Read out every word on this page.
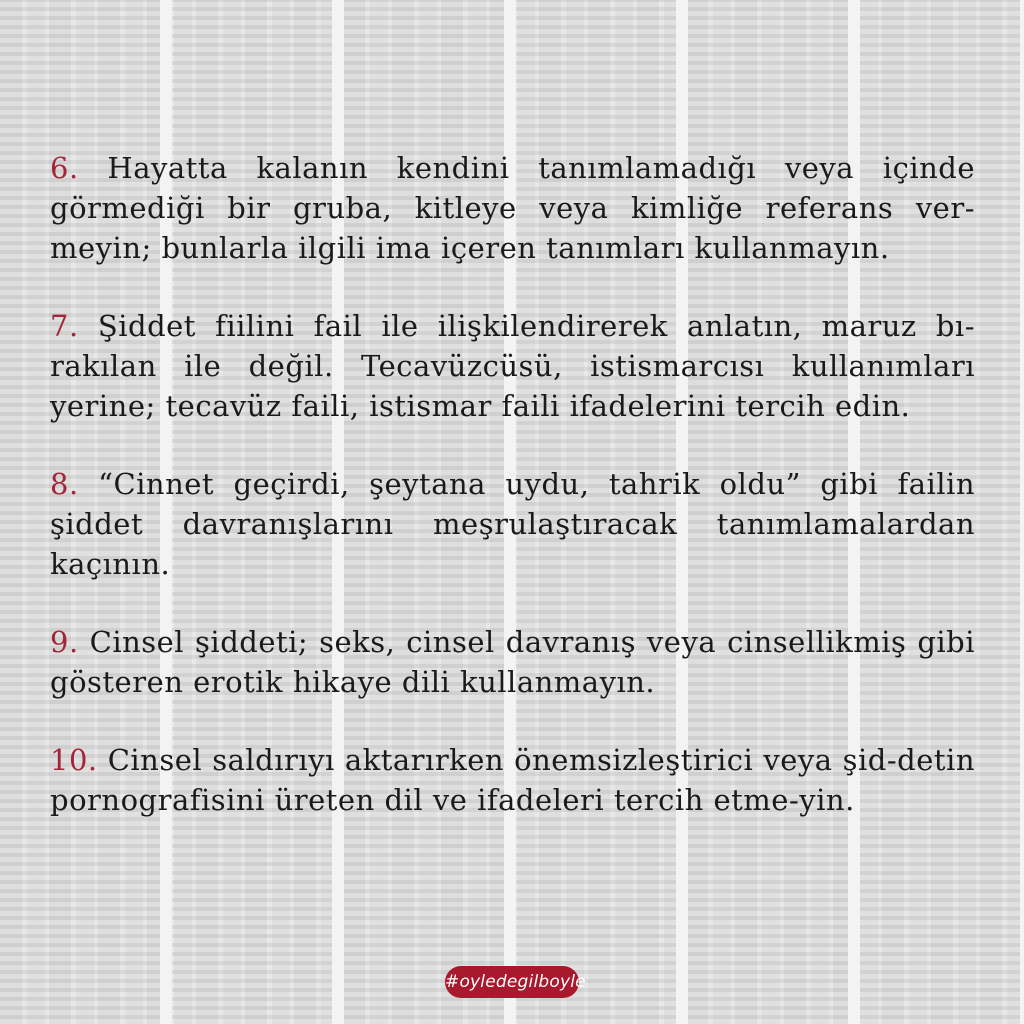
6. Hayatta kalanın kendini tanımlamadığı veya içinde görmediği bir gruba, kitleye veya kimliğe referans ver-meyin; bunlarla ilgili ima içeren tanımları kullanmayın.

7. Şiddet fiilini fail ile ilişkilendirerek anlatın, maruz bı-rakılan ile değil. Tecavüzcüsü, istismarcısı kullanımları yerine; tecavüz faili, istismar faili ifadelerini tercih edin.

8. “Cinnet geçirdi, şeytana uydu, tahrik oldu” gibi failin şiddet davranışlarını meşrulaştıracak tanımlamalardan kaçının.

9. Cinsel şiddeti; seks, cinsel davranış veya cinsellikmiş gibi gösteren erotik hikaye dili kullanmayın.

10. Cinsel saldırıyı aktarırken önemsizleştirici veya şid-detin pornografisini üreten dil ve ifadeleri tercih etme-yin.

#oyledegilboyle
